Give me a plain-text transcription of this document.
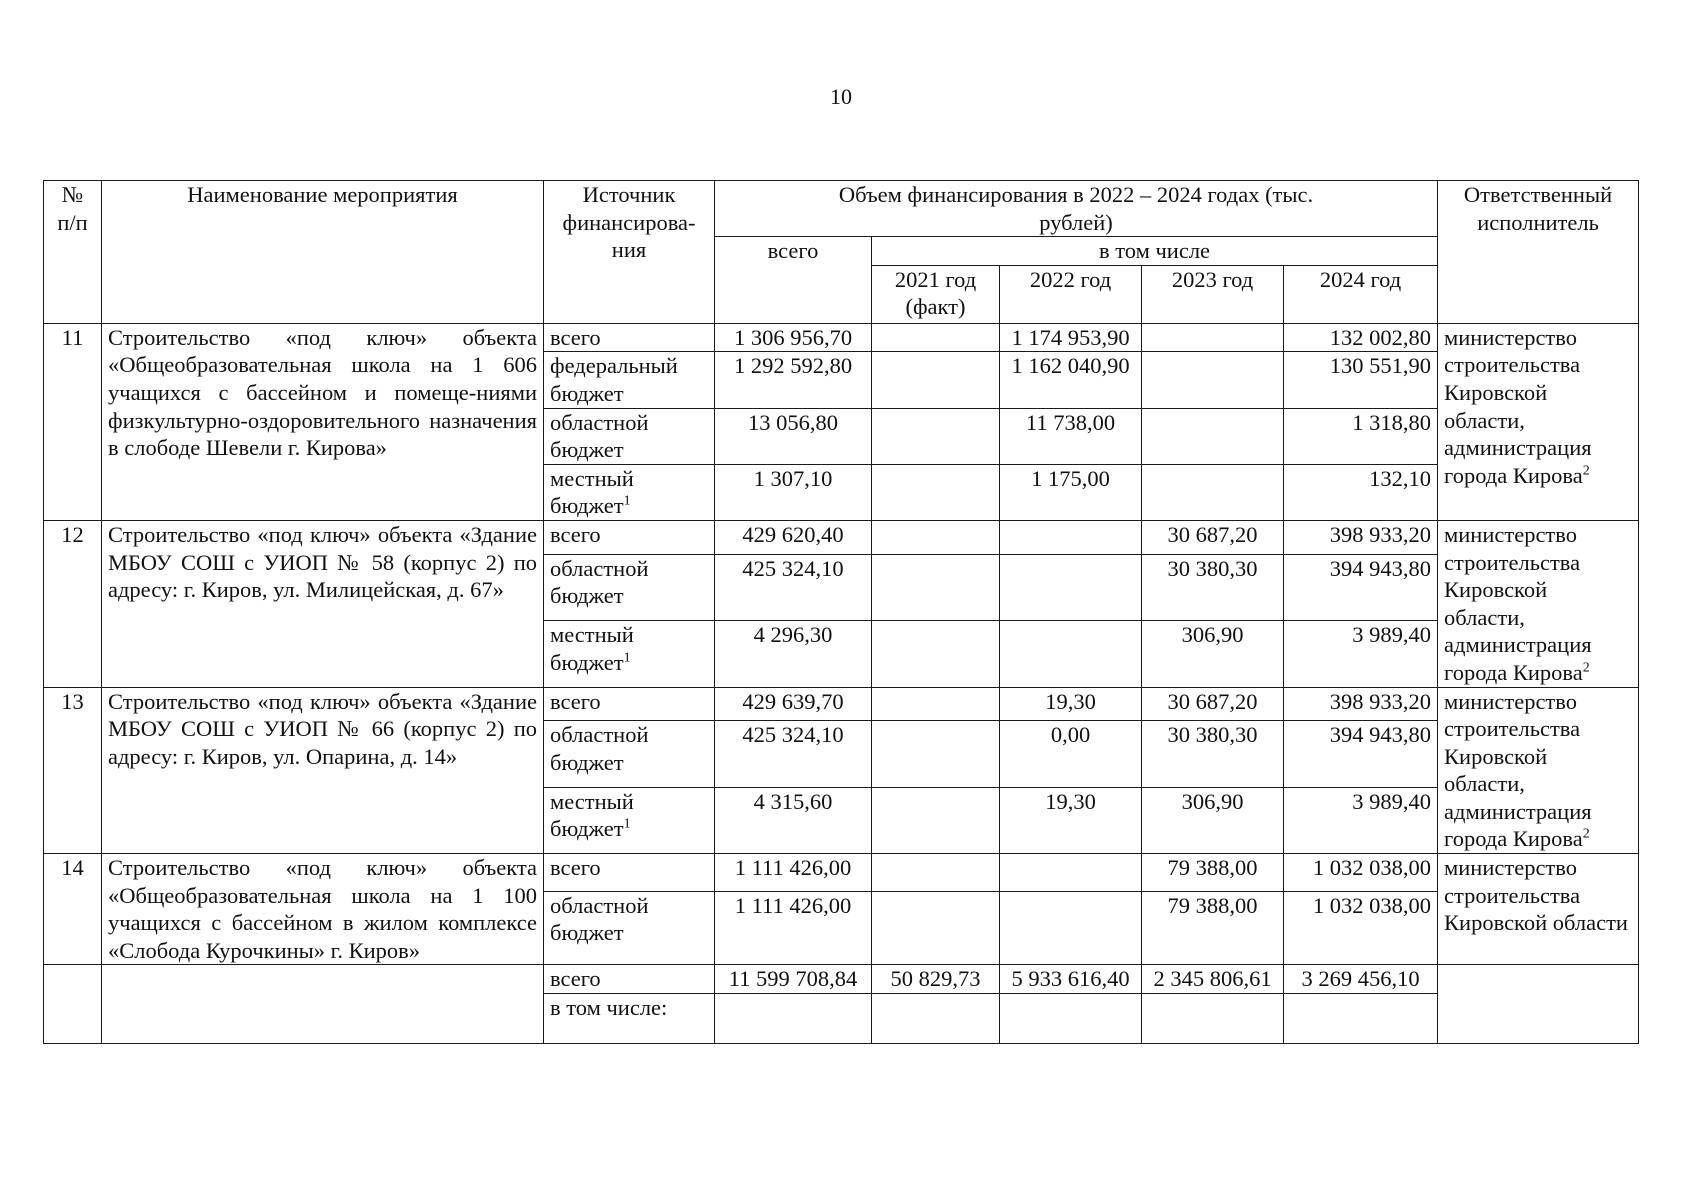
10
№ п/п	Наименование мероприятия	Источник финансирова-ния	Объем финансирования в 2022 – 2024 годах (тыс. рублей)					Ответственный исполнитель

			всего	в том числе				

				2021 год (факт)	2022 год	2023 год	2024 год	
11	Строительство «под ключ» объекта «Общеобразовательная школа на 1 606 учащихся с бассейном и помеще-ниями физкультурно-оздоровительного назначения в слободе Шевели г. Кирова»	всего	1 306 956,70		1 174 953,90		132 002,80	министерство строительства Кировской области, администрация города Кирова$^2$
		федеральный бюджет	1 292 592,80		1 162 040,90		130 551,90	
		областной бюджет	13 056,80		11 738,00		1 318,80	
		местный бюджет$^1$	1 307,10		1 175,00		132,10	
12	Строительство «под ключ» объекта «Здание МБОУ СОШ с УИОП № 58 (корпус 2) по адресу: г. Киров, ул. Милицейская, д. 67»	всего	429 620,40			30 687,20	398 933,20	министерство строительства Кировской области, администрация города Кирова$^2$
		областной бюджет	425 324,10			30 380,30	394 943,80	
		местный бюджет$^1$	4 296,30			306,90	3 989,40	
13	Строительство «под ключ» объекта «Здание МБОУ СОШ с УИОП № 66 (корпус 2) по адресу: г. Киров, ул. Опарина, д. 14»	всего	429 639,70		19,30	30 687,20	398 933,20	министерство строительства Кировской области, администрация города Кирова$^2$
		областной бюджет	425 324,10		0,00	30 380,30	394 943,80	
		местный бюджет$^1$	4 315,60		19,30	306,90	3 989,40	
14	Строительство «под ключ» объекта «Общеобразовательная школа на 1 100 учащихся с бассейном в жилом комплексе «Слобода Курочкины» г. Киров»	всего	1 111 426,00			79 388,00	1 032 038,00	министерство строительства Кировской области
		областной бюджет	1 111 426,00			79 388,00	1 032 038,00	
		всего	11 599 708,84	50 829,73	5 933 616,40	2 345 806,61	3 269 456,10	
		в том числе:						
